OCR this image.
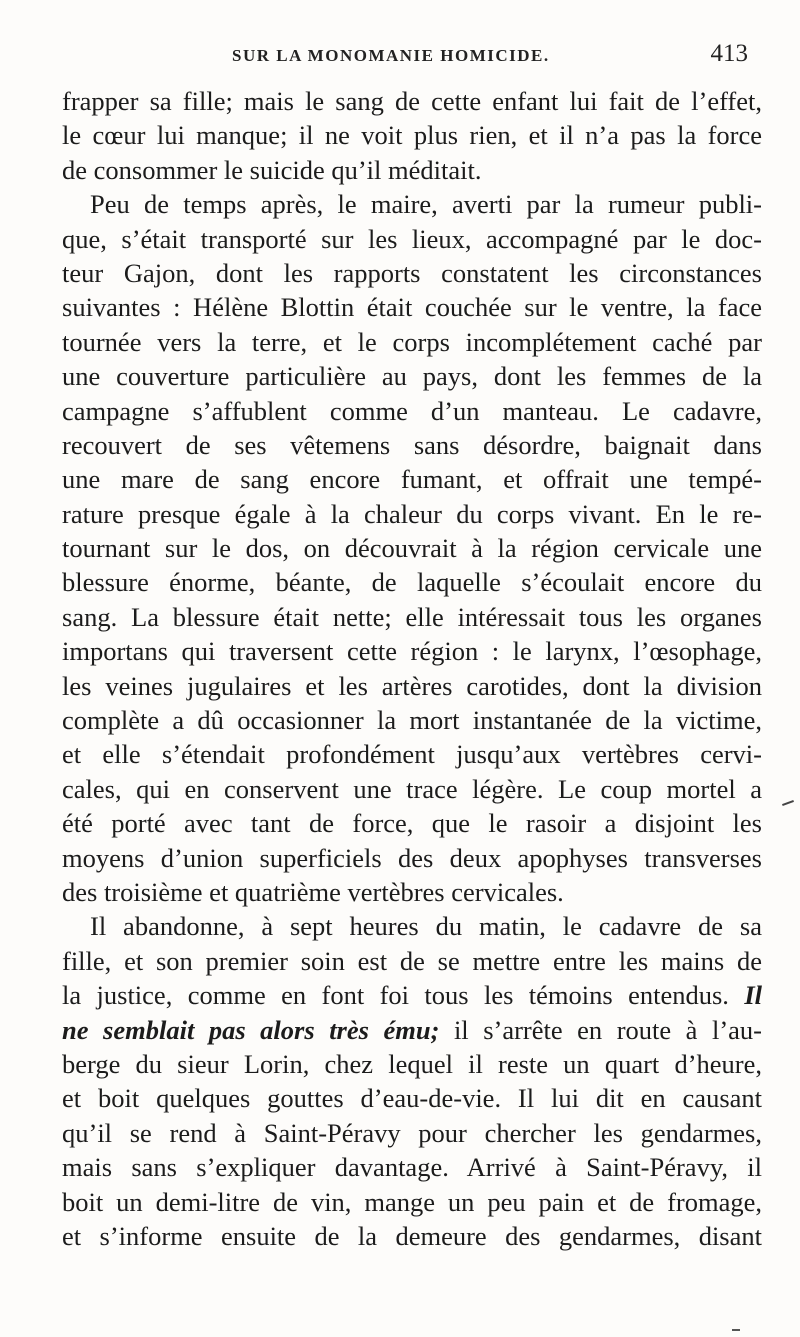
SUR LA MONOMANIE HOMICIDE.	413
frapper sa fille; mais le sang de cette enfant lui fait de l’effet,
le cœur lui manque; il ne voit plus rien, et il n’a pas la force
de consommer le suicide qu’il méditait.
Peu de temps après, le maire, averti par la rumeur publi-
que, s’était transporté sur les lieux, accompagné par le doc-
teur Gajon, dont les rapports constatent les circonstances
suivantes : Hélène Blottin était couchée sur le ventre, la face
tournée vers la terre, et le corps incomplétement caché par
une couverture particulière au pays, dont les femmes de la
campagne s’affublent comme d’un manteau. Le cadavre,
recouvert de ses vêtemens sans désordre, baignait dans
une mare de sang encore fumant, et offrait une tempé-
rature presque égale à la chaleur du corps vivant. En le re-
tournant sur le dos, on découvrait à la région cervicale une
blessure énorme, béante, de laquelle s’écoulait encore du
sang. La blessure était nette; elle intéressait tous les organes
importans qui traversent cette région : le larynx, l’œsophage,
les veines jugulaires et les artères carotides, dont la division
complète a dû occasionner la mort instantanée de la victime,
et elle s’étendait profondément jusqu’aux vertèbres cervi-
cales, qui en conservent une trace légère. Le coup mortel a
été porté avec tant de force, que le rasoir a disjoint les
moyens d’union superficiels des deux apophyses transverses
des troisième et quatrième vertèbres cervicales.
Il abandonne, à sept heures du matin, le cadavre de sa
fille, et son premier soin est de se mettre entre les mains de
la justice, comme en font foi tous les témoins entendus. Il
ne semblait pas alors très ému; il s’arrête en route à l’au-
berge du sieur Lorin, chez lequel il reste un quart d’heure,
et boit quelques gouttes d’eau-de-vie. Il lui dit en causant
qu’il se rend à Saint-Péravy pour chercher les gendarmes,
mais sans s’expliquer davantage. Arrivé à Saint-Péravy, il
boit un demi-litre de vin, mange un peu pain et de fromage,
et s’informe ensuite de la demeure des gendarmes, disant
